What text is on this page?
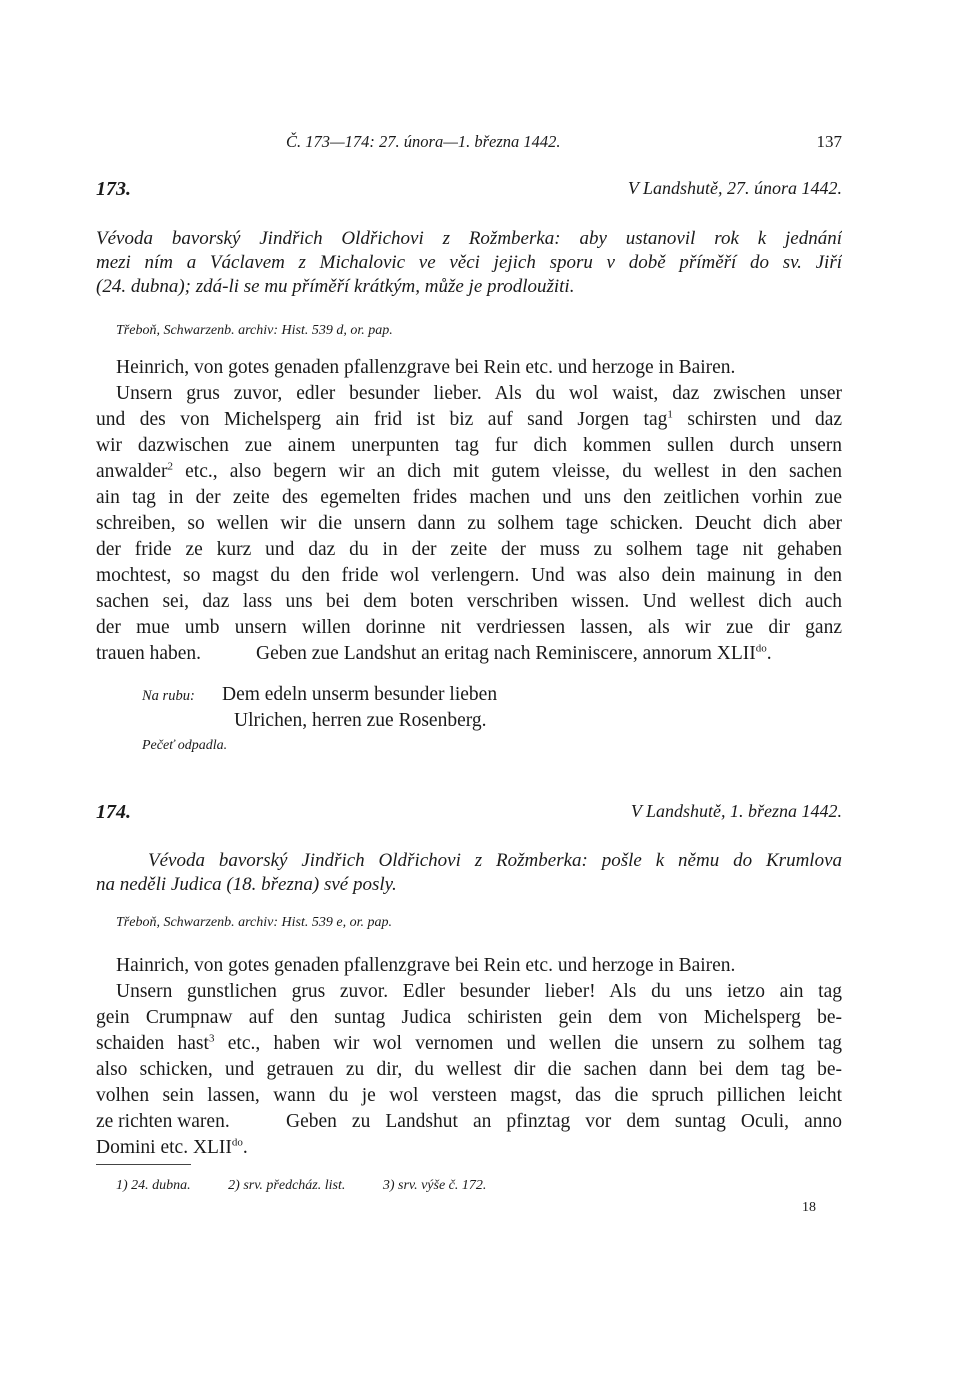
Č. 173—174: 27. února—1. března 1442.	137
173.	V Landshutě, 27. února 1442.
Vévoda bavorský Jindřich Oldřichovi z Rožmberka: aby ustanovil rok k jednání
mezi ním a Václavem z Michalovic ve věci jejich sporu v době příměří do sv. Jiří
(24. dubna); zdá-li se mu příměří krátkým, může je prodloužiti.
Třeboň, Schwarzenb. archiv: Hist. 539 d, or. pap.
Heinrich, von gotes genaden pfallenzgrave bei Rein etc. und herzoge in Bairen.
Unsern grus zuvor, edler besunder lieber. Als du wol waist, daz zwischen unser
und des von Michelsperg ain frid ist biz auf sand Jorgen tag$^1$ schirsten und daz
wir dazwischen zue ainem unerpunten tag fur dich kommen sullen durch unsern
anwalder$^2$ etc., also begern wir an dich mit gutem vleisse, du wellest in den sachen
ain tag in der zeite des egemelten frides machen und uns den zeitlichen vorhin zue
schreiben, so wellen wir die unsern dann zu solhem tage schicken. Deucht dich aber
der fride ze kurz und daz du in der zeite der muss zu solhem tage nit gehaben
mochtest, so magst du den fride wol verlengern. Und was also dein mainung in den
sachen sei, daz lass uns bei dem boten verschriben wissen. Und wellest dich auch
der mue umb unsern willen dorinne nit verdriessen lassen, als wir zue dir ganz
trauen haben.	Geben zue Landshut an eritag nach Reminiscere, annorum $XLII^{do}$.
Na rubu: Dem edeln unserm besunder lieben
Ulrichen, herren zue Rosenberg.
Pečeť odpadla.
174.	V Landshutě, 1. března 1442.
Vévoda bavorský Jindřich Oldřichovi z Rožmberka: pošle k němu do Krumlova
na neděli Judica (18. března) své posly.
Třeboň, Schwarzenb. archiv: Hist. 539 e, or. pap.
Hainrich, von gotes genaden pfallenzgrave bei Rein etc. und herzoge in Bairen.
Unsern gunstlichen grus zuvor. Edler besunder lieber! Als du uns ietzo ain tag
gein Crumpnaw auf den suntag Judica schiristen gein dem von Michelsperg be-
schaiden hast$^3$ etc., haben wir wol vernomen und wellen die unsern zu solhem tag
also schicken, und getrauen zu dir, du wellest dir die sachen dann bei dem tag be-
volhen sein lassen, wann du je wol versteen magst, das die spruch pillichen leicht
ze richten waren.	Geben zu Landshut an pfinztag vor dem suntag Oculi, anno
Domini etc. $XLII^{do}$.
1) 24. dubna.	2) srv. předcház. list.	3) srv. výše č. 172.
18
